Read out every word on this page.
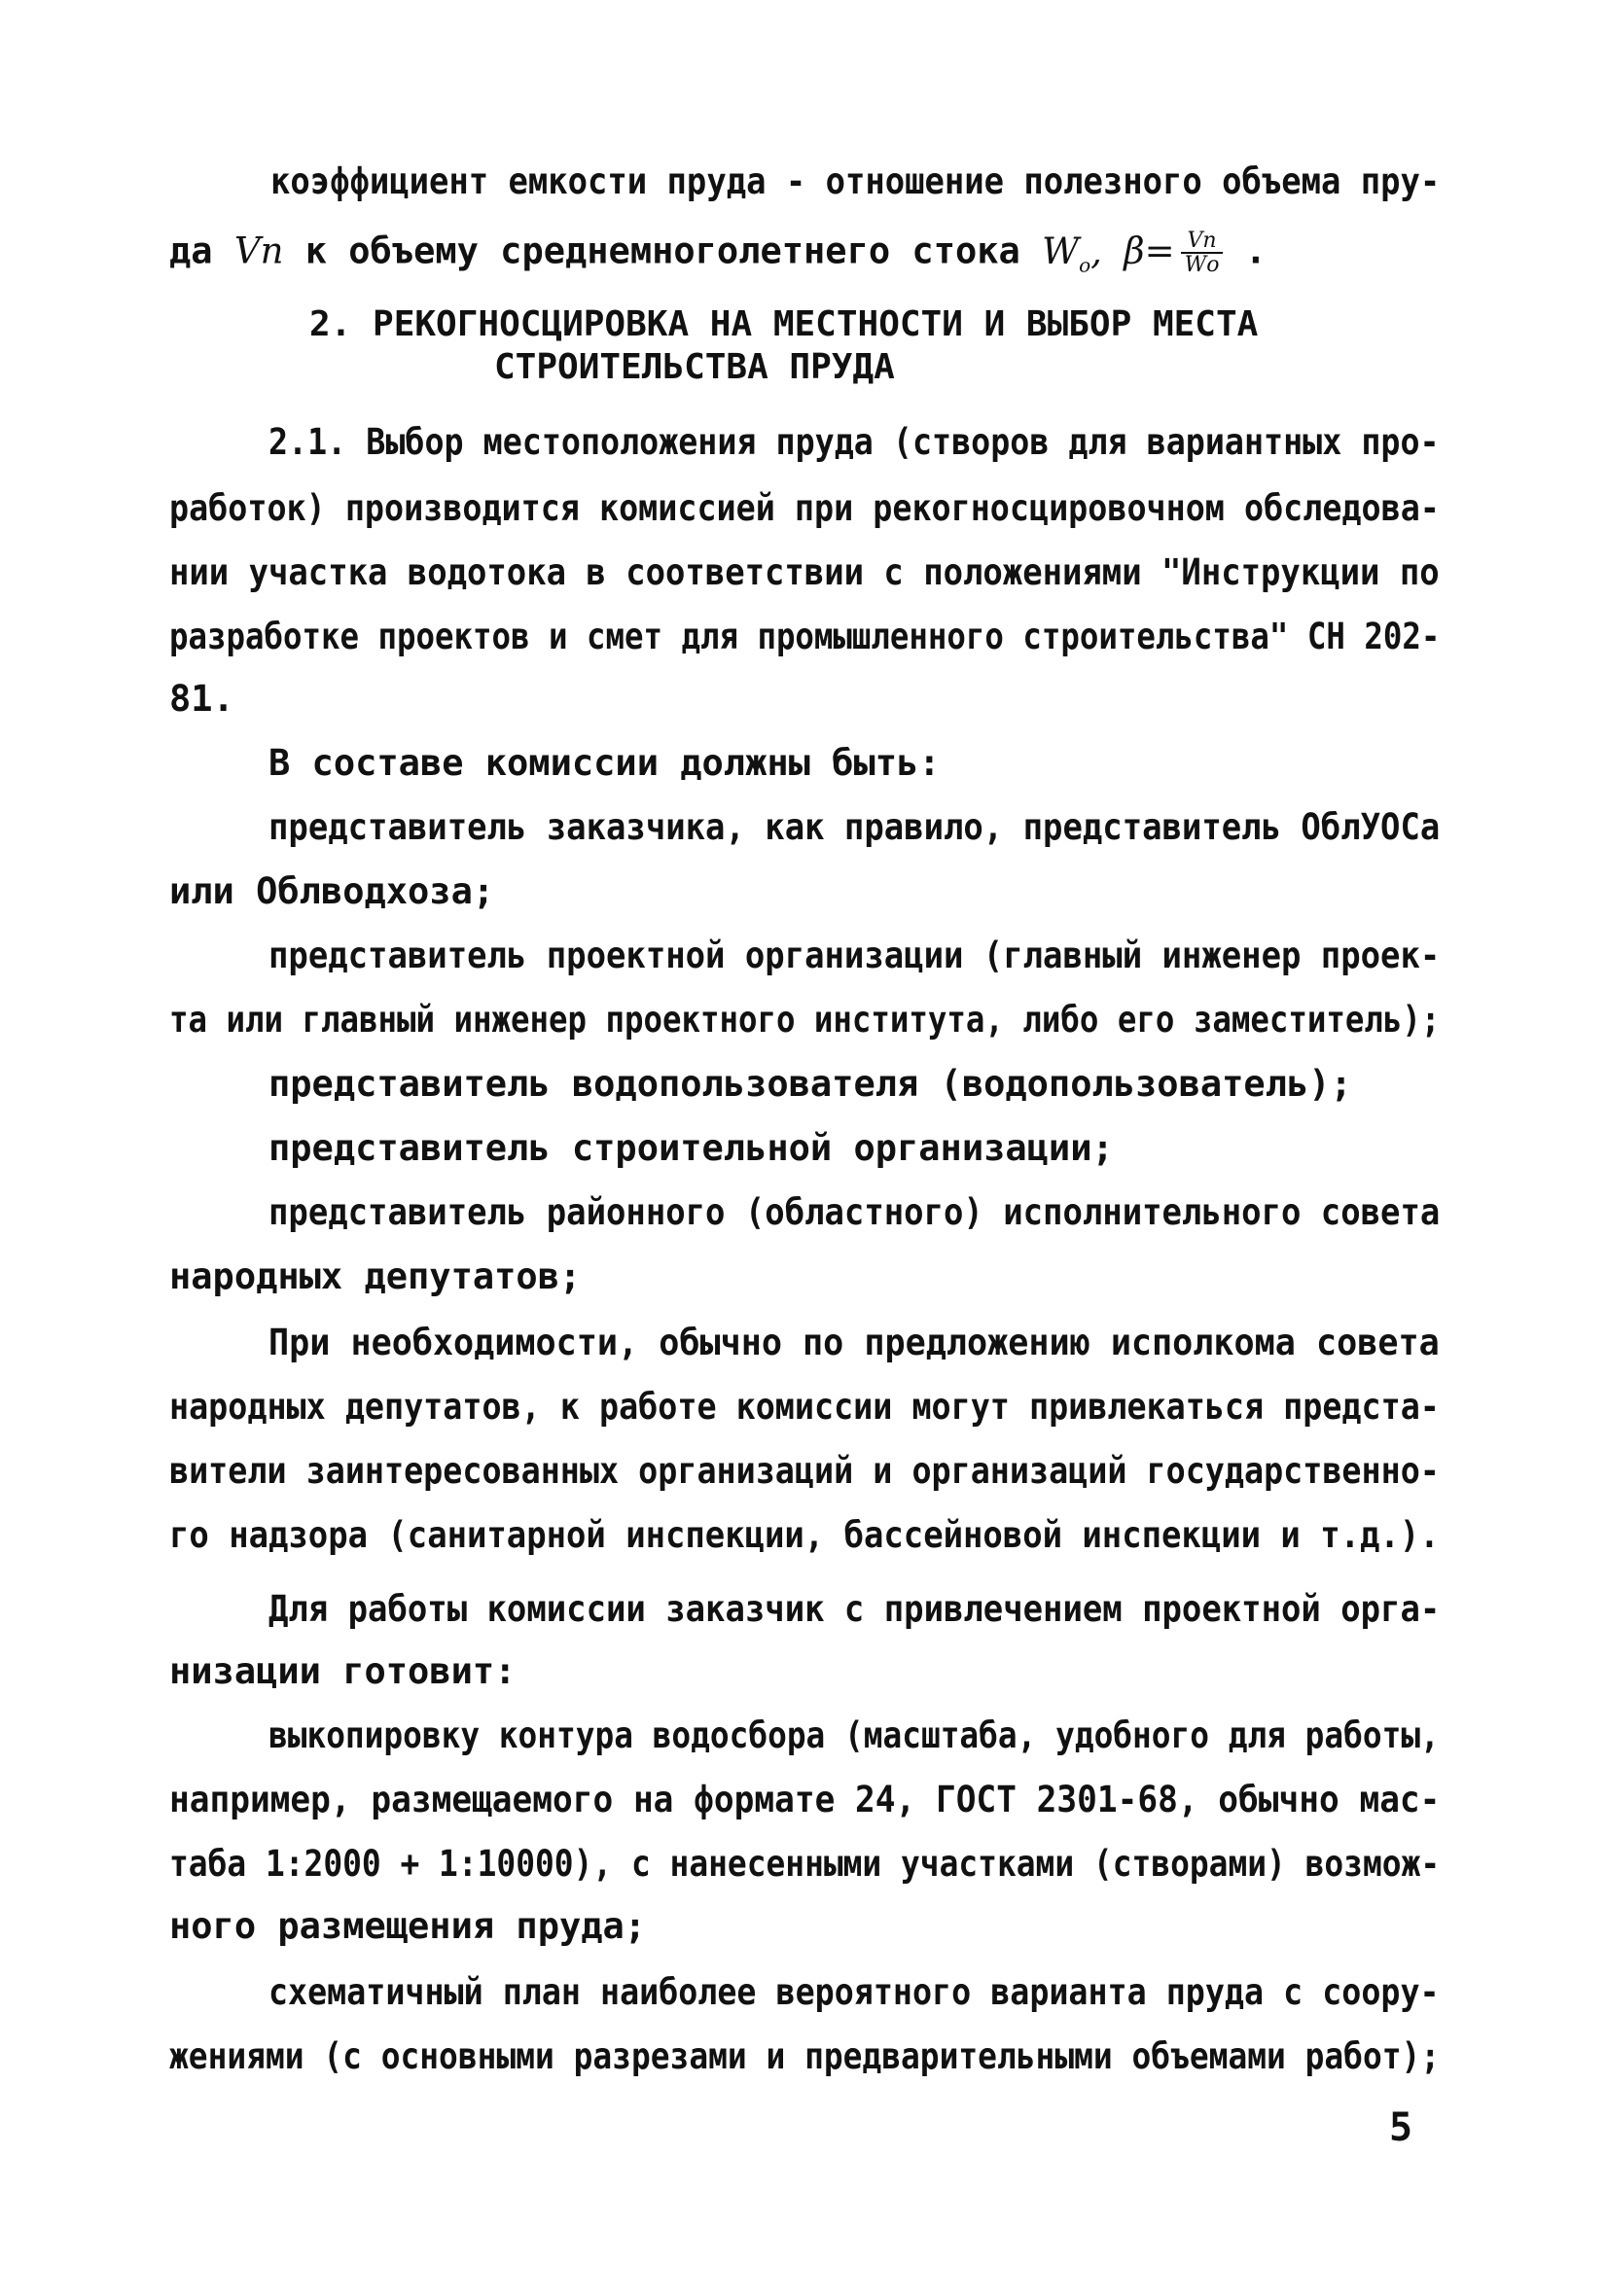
коэффициент емкости пруда - отношение полезного объема пру-
да Vп к объему среднемноголетнего стока $W_о$, $\beta= \frac{Vп}{Wо}$ .
2. РЕКОГНОСЦИРОВКА НА МЕСТНОСТИ И ВЫБОР МЕСТА
СТРОИТЕЛЬСТВА ПРУДА
2.1. Выбор местоположения пруда (створов для вариантных про-
работок) производится комиссией при рекогносцировочном обследова-
нии участка водотока в соответствии с положениями "Инструкции по
разработке проектов и смет для промышленного строительства" СН 202-
81.
В составе комиссии должны быть:
представитель заказчика, как правило, представитель ОблУОСа
или Облводхоза;
представитель проектной организации (главный инженер проек-
та или главный инженер проектного института, либо его заместитель);
представитель водопользователя (водопользователь);
представитель строительной организации;
представитель районного (областного) исполнительного совета
народных депутатов;
При необходимости, обычно по предложению исполкома совета
народных депутатов, к работе комиссии могут привлекаться предста-
вители заинтересованных организаций и организаций государственно-
го надзора (санитарной инспекции, бассейновой инспекции и т.д.).
Для работы комиссии заказчик с привлечением проектной орга-
низации готовит:
выкопировку контура водосбора (масштаба, удобного для работы,
например, размещаемого на формате 24, ГОСТ 2301-68, обычно мас-
таба 1:2000 + 1:10000), с нанесенными участками (створами) возмож-
ного размещения пруда;
схематичный план наиболее вероятного варианта пруда с соору-
жениями (с основными разрезами и предварительными объемами работ);
5
